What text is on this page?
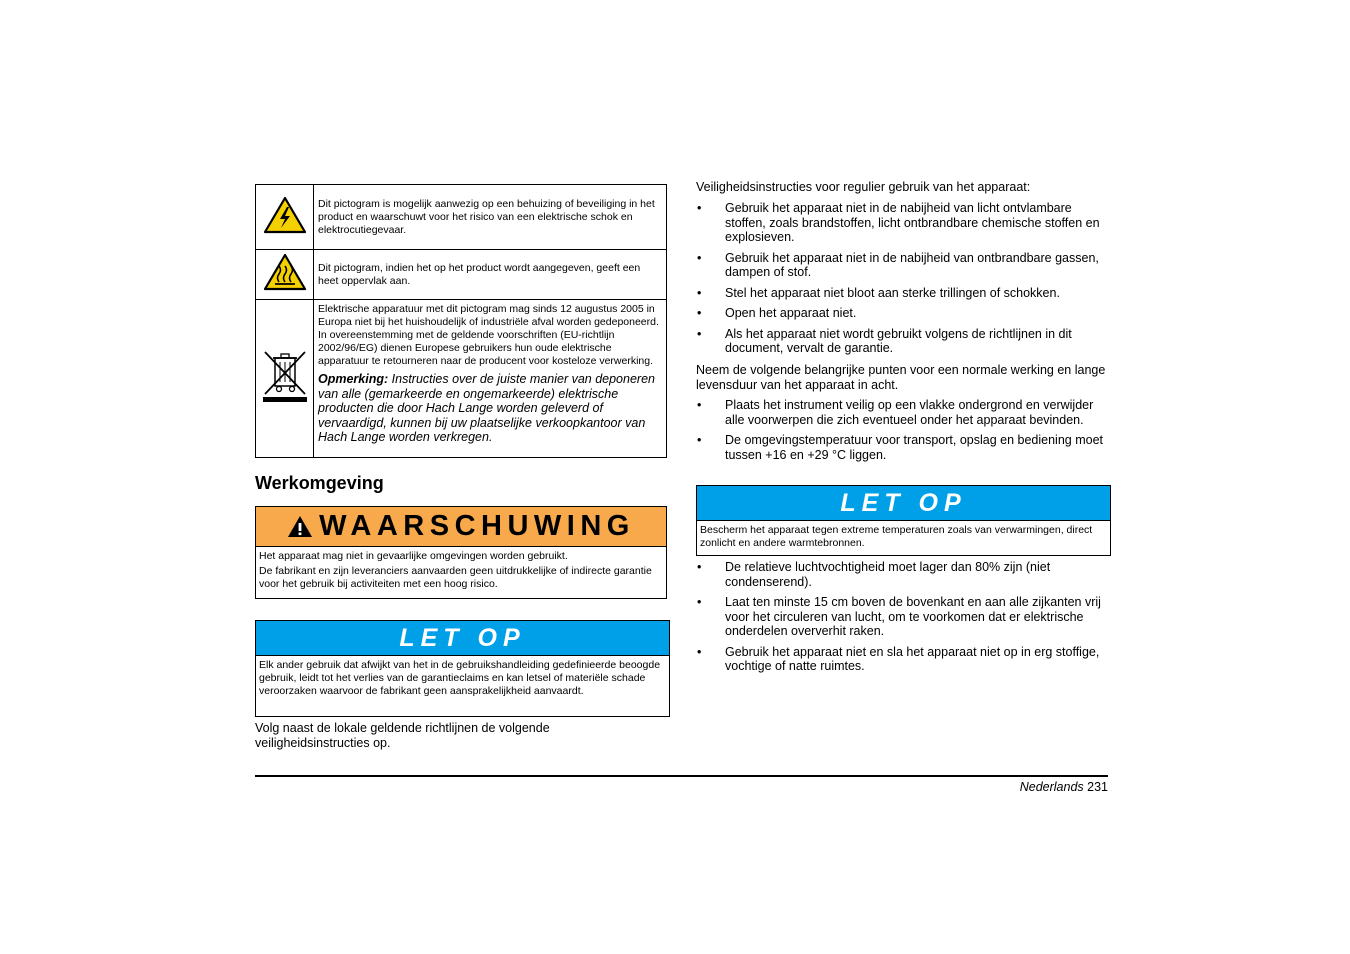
	Dit pictogram is mogelijk aanwezig op een behuizing of beveiliging in het product en waarschuwt voor het risico van een elektrische schok en elektrocutiegevaar.
	Dit pictogram, indien het op het product wordt aangegeven, geeft een heet oppervlak aan.

Elektrische apparatuur met dit pictogram mag sinds 12 augustus 2005 in Europa niet bij het huishoudelijk of industriële afval worden gedeponeerd. In overeenstemming met de geldende voorschriften (EU-richtlijn 2002/96/EG) dienen Europese gebruikers hun oude elektrische apparatuur te retourneren naar de producent voor kosteloze verwerking.
Opmerking: Instructies over de juiste manier van deponeren van alle (gemarkeerde en ongemarkeerde) elektrische producten die door Hach Lange worden geleverd of vervaardigd, kunnen bij uw plaatselijke verkoopkantoor van Hach Lange worden verkregen.
Werkomgeving
WAARSCHUWING

Het apparaat mag niet in gevaarlijke omgevingen worden gebruikt.

De fabrikant en zijn leveranciers aanvaarden geen uitdrukkelijke of indirecte garantie voor het gebruik bij activiteiten met een hoog risico.

LET OP
Elk ander gebruik dat afwijkt van het in de gebruikshandleiding gedefinieerde beoogde gebruik, leidt tot het verlies van de garantieclaims en kan letsel of materiële schade veroorzaken waarvoor de fabrikant geen aansprakelijkheid aanvaardt.

Volg naast de lokale geldende richtlijnen de volgende veiligheidsinstructies op.

Veiligheidsinstructies voor regulier gebruik van het apparaat:

• Gebruik het apparaat niet in de nabijheid van licht ontvlambare stoffen, zoals brandstoffen, licht ontbrandbare chemische stoffen en explosieven.
• Gebruik het apparaat niet in de nabijheid van ontbrandbare gassen, dampen of stof.
• Stel het apparaat niet bloot aan sterke trillingen of schokken.
• Open het apparaat niet.
• Als het apparaat niet wordt gebruikt volgens de richtlijnen in dit document, vervalt de garantie.

Neem de volgende belangrijke punten voor een normale werking en lange levensduur van het apparaat in acht.

• Plaats het instrument veilig op een vlakke ondergrond en verwijder alle voorwerpen die zich eventueel onder het apparaat bevinden.
• De omgevingstemperatuur voor transport, opslag en bediening moet tussen +16 en +29 °C liggen.
LET OP
Bescherm het apparaat tegen extreme temperaturen zoals van verwarmingen, direct zonlicht en andere warmtebronnen.
• De relatieve luchtvochtigheid moet lager dan 80% zijn (niet condenserend).
• Laat ten minste 15 cm boven de bovenkant en aan alle zijkanten vrij voor het circuleren van lucht, om te voorkomen dat er elektrische onderdelen oververhit raken.
• Gebruik het apparaat niet en sla het apparaat niet op in erg stoffige, vochtige of natte ruimtes.
Nederlands 231
